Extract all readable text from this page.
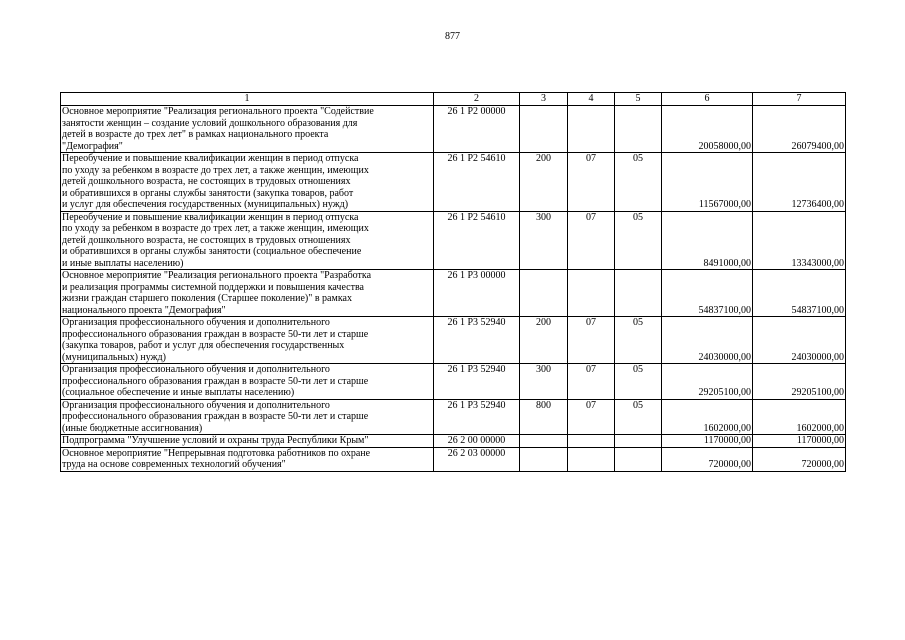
877
1	2	3	4	5	6	7

Основное мероприятие "Реализация регионального проекта "Содействие
занятости женщин – создание условий дошкольного образования для
детей в возрасте до трех лет" в рамках национального проекта
"Демография"	26 1 P2 00000				20058000,00	26079400,00

Переобучение и повышение квалификации женщин в период отпуска
по уходу за ребенком в возрасте до трех лет, а также женщин, имеющих
детей дошкольного возраста, не состоящих в трудовых отношениях
и обратившихся в органы службы занятости (закупка товаров, работ
и услуг для обеспечения государственных (муниципальных) нужд)	26 1 P2 54610	200	07	05	11567000,00	12736400,00

Переобучение и повышение квалификации женщин в период отпуска
по уходу за ребенком в возрасте до трех лет, а также женщин, имеющих
детей дошкольного возраста, не состоящих в трудовых отношениях
и обратившихся в органы службы занятости (социальное обеспечение
и иные выплаты населению)	26 1 P2 54610	300	07	05	8491000,00	13343000,00

Основное мероприятие "Реализация регионального проекта "Разработка
и реализация программы системной поддержки и повышения качества
жизни граждан старшего поколения (Старшее поколение)" в рамках
национального проекта "Демография"	26 1 P3 00000				54837100,00	54837100,00

Организация профессионального обучения и дополнительного
профессионального образования граждан в возрасте 50-ти лет и старше
(закупка товаров, работ и услуг для обеспечения государственных
(муниципальных) нужд)	26 1 P3 52940	200	07	05	24030000,00	24030000,00

Организация профессионального обучения и дополнительного
профессионального образования граждан в возрасте 50-ти лет и старше
(социальное обеспечение и иные выплаты населению)	26 1 P3 52940	300	07	05	29205100,00	29205100,00

Организация профессионального обучения и дополнительного
профессионального образования граждан в возрасте 50-ти лет и старше
(иные бюджетные ассигнования)	26 1 P3 52940	800	07	05	1602000,00	1602000,00

Подпрограмма "Улучшение условий и охраны труда Республики Крым"	26 2 00 00000				1170000,00	1170000,00

Основное мероприятие "Непрерывная подготовка работников по охране
труда на основе современных технологий обучения"	26 2 03 00000				720000,00	720000,00
